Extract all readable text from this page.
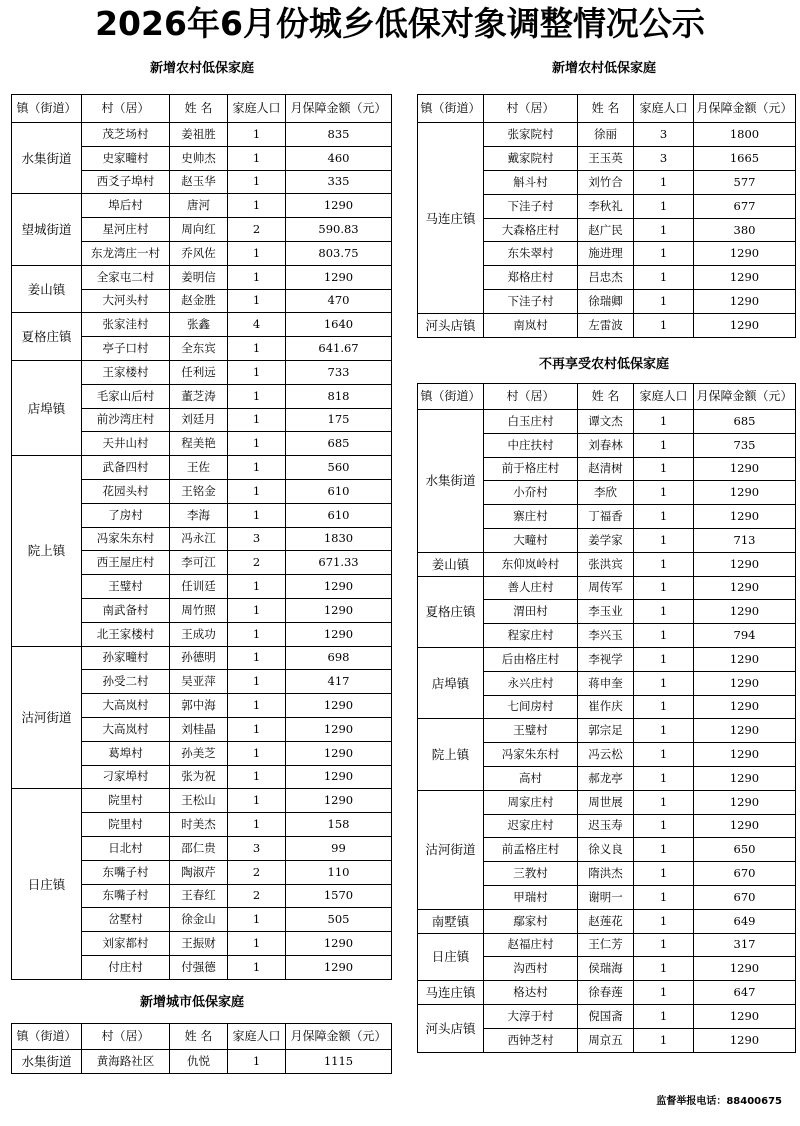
2026年6月份城乡低保对象调整情况公示
新增农村低保家庭
镇（街道）	村（居）	姓 名	家庭人口	月保障金额（元）
水集街道	茂芝场村	姜祖胜	1	835
	史家疃村	史帅杰	1	460
	西爻子埠村	赵玉华	1	335
望城街道	埠后村	唐河	1	1290
	星河庄村	周向红	2	590.83
	东龙湾庄一村	乔风佐	1	803.75
姜山镇	全家屯二村	姜明信	1	1290
	大河头村	赵金胜	1	470
夏格庄镇	张家洼村	张鑫	4	1640
	亭子口村	全东宾	1	641.67
店埠镇	王家楼村	任利远	1	733
	毛家山后村	董芝涛	1	818
	前沙湾庄村	刘廷月	1	175
	天井山村	程美艳	1	685
院上镇	武备四村	王佐	1	560
	花园头村	王铭金	1	610
	了房村	李海	1	610
	冯家朱东村	冯永江	3	1830
	西王屋庄村	李可江	2	671.33
	王璧村	任训廷	1	1290
	南武备村	周竹照	1	1290
	北王家楼村	王成功	1	1290
沽河街道	孙家疃村	孙德明	1	698
	孙受二村	吴亚萍	1	417
	大高岚村	郭中海	1	1290
	大高岚村	刘桂晶	1	1290
	葛埠村	孙美芝	1	1290
	刁家埠村	张为祝	1	1290
日庄镇	院里村	王松山	1	1290
	院里村	时美杰	1	158
	日北村	邵仁贵	3	99
	东嘴子村	陶淑芹	2	110
	东嘴子村	王春红	2	1570
	岔墅村	徐金山	1	505
	刘家都村	王振财	1	1290
	付庄村	付强德	1	1290
新增城市低保家庭
镇（街道）	村（居）	姓 名	家庭人口	月保障金额（元）
水集街道	黄海路社区	仇悦	1	1115
新增农村低保家庭
镇（街道）	村（居）	姓 名	家庭人口	月保障金额（元）
马连庄镇	张家院村	徐丽	3	1800
	戴家院村	王玉英	3	1665
	斛斗村	刘竹合	1	577
	下洼子村	李秋礼	1	677
	大森格庄村	赵广民	1	380
	东朱翠村	施进理	1	1290
	郑格庄村	吕忠杰	1	1290
	下洼子村	徐瑞卿	1	1290
河头店镇	南岚村	左雷波	1	1290
不再享受农村低保家庭
镇（街道）	村（居）	姓 名	家庭人口	月保障金额（元）
水集街道	白玉庄村	谭文杰	1	685
	中庄扶村	刘春林	1	735
	前于格庄村	赵清树	1	1290
	小夼村	李欣	1	1290
	寨庄村	丁福香	1	1290
	大疃村	姜学家	1	713
姜山镇	东仰岚岭村	张洪宾	1	1290
夏格庄镇	善人庄村	周传军	1	1290
	渭田村	李玉业	1	1290
	程家庄村	李兴玉	1	794
店埠镇	后由格庄村	李视学	1	1290
	永兴庄村	蒋申奎	1	1290
	七间房村	崔作庆	1	1290
院上镇	王璧村	郭宗足	1	1290
	冯家朱东村	冯云松	1	1290
	高村	郝龙亭	1	1290
沽河街道	周家庄村	周世展	1	1290
	迟家庄村	迟玉寿	1	1290
	前孟格庄村	徐义良	1	650
	三教村	隋洪杰	1	670
	甲瑞村	谢明一	1	670
南墅镇	鄢家村	赵莲花	1	649
日庄镇	赵福庄村	王仁芳	1	317
	沟西村	侯瑞海	1	1290
马连庄镇	格达村	徐春莲	1	647
河头店镇	大淳于村	倪国斋	1	1290
	西钟芝村	周京五	1	1290
监督举报电话：88400675
